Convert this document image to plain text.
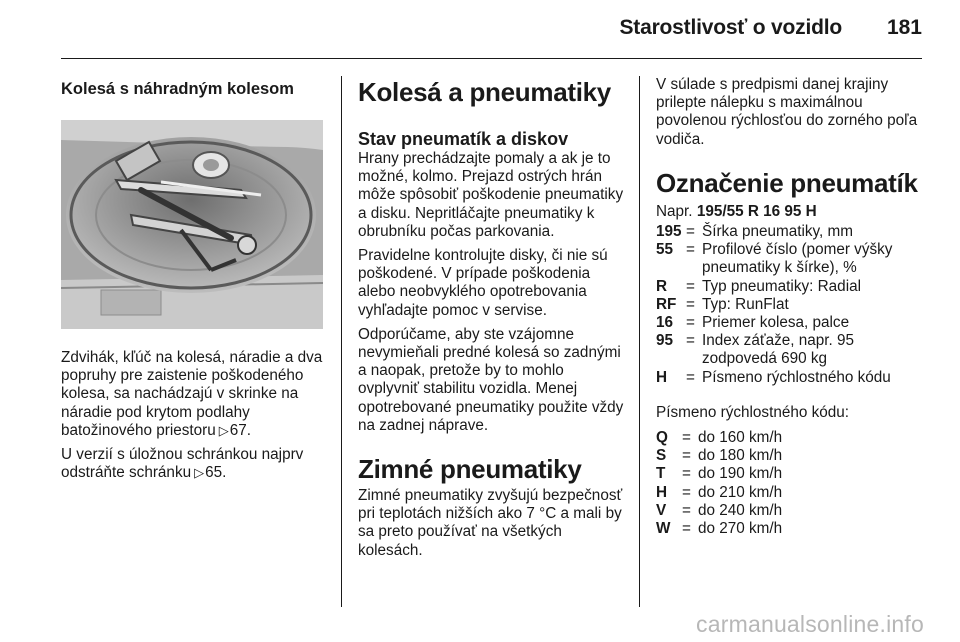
Starostlivosť o vozidlo 181
Kolesá s náhradným kolesom

Zdvihák, kľúč na kolesá, náradie a dva popruhy pre zaistenie poškodeného kolesa, sa nachádzajú v skrinke na náradie pod krytom podlahy batožinového priestoru ▷67.

U verzií s úložnou schránkou najprv odstráňte schránku ▷65.

Kolesá a pneumatiky
Stav pneumatík a diskov

Hrany prechádzajte pomaly a ak je to možné, kolmo. Prejazd ostrých hrán môže spôsobiť poškodenie pneumatiky a disku. Nepritláčajte pneumatiky k obrubníku počas parkovania.

Pravidelne kontrolujte disky, či nie sú poškodené. V prípade poškodenia alebo neobvyklého opotrebovania vyhľadajte pomoc v servise.

Odporúčame, aby ste vzájomne nevymieňali predné kolesá so zadnými a naopak, pretože by to mohlo ovplyvniť stabilitu vozidla. Menej opotrebované pneumatiky použite vždy na zadnej náprave.

Zimné pneumatiky

Zimné pneumatiky zvyšujú bezpečnosť pri teplotách nižších ako 7 °C a mali by sa preto používať na všetkých kolesách.

V súlade s predpismi danej krajiny prilepte nálepku s maximálnou povolenou rýchlosťou do zorného poľa vodiča.

Označenie pneumatík

Napr. 195/55 R 16 95 H

195 = Šírka pneumatiky, mm
55 = Profilové číslo (pomer výšky pneumatiky k šírke), %
R	= Typ pneumatiky: Radial
RF = Typ: RunFlat
16 = Priemer kolesa, palce
95 = Index záťaže, napr. 95 zodpovedá 690 kg
H	= Písmeno rýchlostného kódu

Písmeno rýchlostného kódu:

Q = do 160 km/h
S	= do 180 km/h
T	= do 190 km/h
H = do 210 km/h
V	= do 240 km/h
W = do 270 km/h
carmanualsonline.info
